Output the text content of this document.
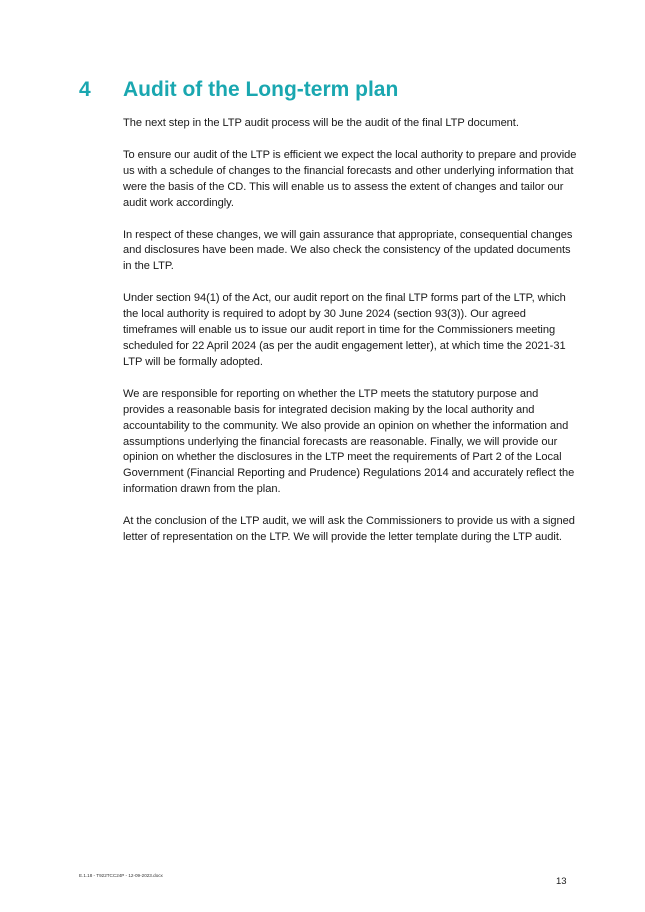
4	Audit of the Long-term plan

The next step in the LTP audit process will be the audit of the final LTP document.

To ensure our audit of the LTP is efficient we expect the local authority to prepare and provide us with a schedule of changes to the financial forecasts and other underlying information that were the basis of the CD. This will enable us to assess the extent of changes and tailor our audit work accordingly.

In respect of these changes, we will gain assurance that appropriate, consequential changes and disclosures have been made. We also check the consistency of the updated documents in the LTP.

Under section 94(1) of the Act, our audit report on the final LTP forms part of the LTP, which the local authority is required to adopt by 30 June 2024 (section 93(3)). Our agreed timeframes will enable us to issue our audit report in time for the Commissioners meeting scheduled for 22 April 2024 (as per the audit engagement letter), at which time the 2021-31 LTP will be formally adopted.

We are responsible for reporting on whether the LTP meets the statutory purpose and provides a reasonable basis for integrated decision making by the local authority and accountability to the community. We also provide an opinion on whether the information and assumptions underlying the financial forecasts are reasonable. Finally, we will provide our opinion on whether the disclosures in the LTP meet the requirements of Part 2 of the Local Government (Financial Reporting and Prudence) Regulations 2014 and accurately reflect the information drawn from the plan.

At the conclusion of the LTP audit, we will ask the Commissioners to provide us with a signed letter of representation on the LTP. We will provide the letter template during the LTP audit.

E.1.18 - T922TCC24P - 12-09-2023.docx
13
